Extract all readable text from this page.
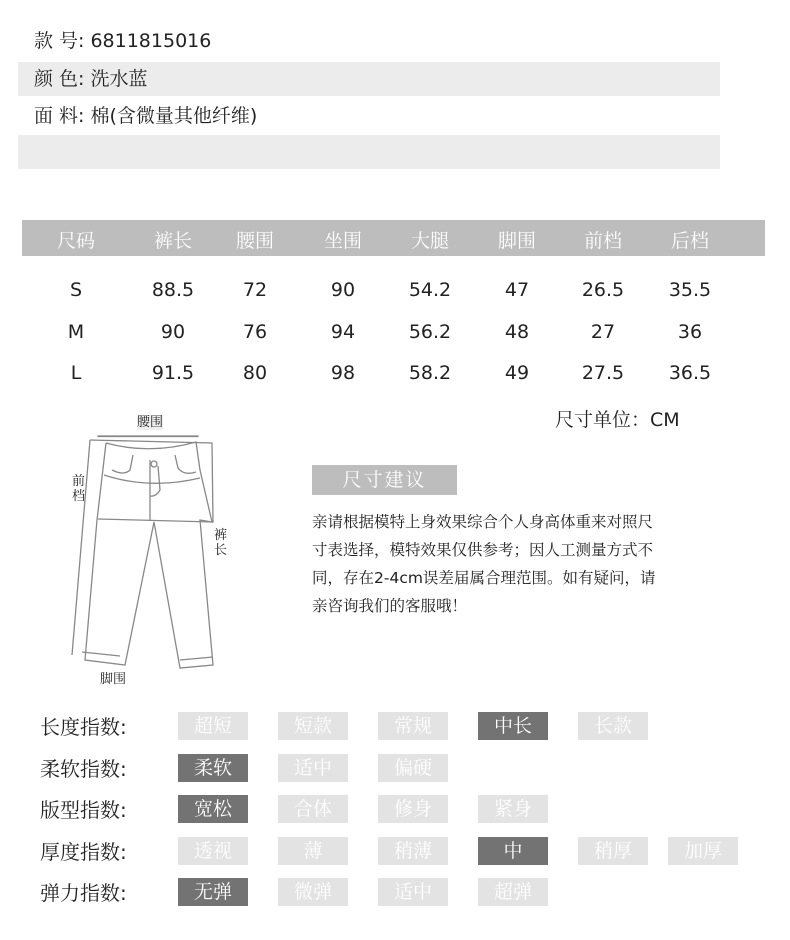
尺码	裤长	腰围	坐围	大腿	脚围	前档	后档
S	88.5	72	90	54.2	47	26.5	35.5
M	90	76	94	56.2	48	27	36
L	91.5	80	98	58.2	49	27.5	36.5
尺寸单位：CM
腰围
前档
裤长
脚围
尺寸建议
亲请根据模特上身效果综合个人身高体重来对照尺
寸表选择，模特效果仅供参考；因人工测量方式不
同，存在2-4cm误差届属合理范围。如有疑问，请
亲咨询我们的客服哦！
长度指数:	超短	短款	常规	中长	长款
柔软指数:	柔软	适中	偏硬
版型指数:	宽松	合体	修身	紧身
厚度指数:	透视	薄	稍薄	中	稍厚	加厚
弹力指数:	无弹	微弹	适中	超弹
款 号: 6811815016
颜 色: 洗水蓝
面 料: 棉(含微量其他纤维)
